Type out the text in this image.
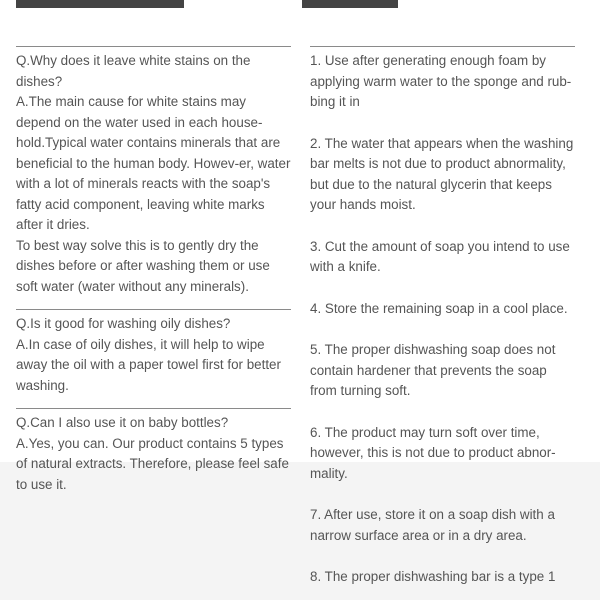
Q.Why does it leave white stains on the dishes?

A.The main cause for white stains may depend on the water used in each house-hold.Typical water contains minerals that are beneficial to the human body. Howev-er, water with a lot of minerals reacts with the soap's fatty acid component, leaving white marks after it dries.

To best way solve this is to gently dry the dishes before or after washing them or use soft water (water without any minerals).

Q.Is it good for washing oily dishes?

A.In case of oily dishes, it will help to wipe away the oil with a paper towel first for better washing.

Q.Can I also use it on baby bottles?

A.Yes, you can. Our product contains 5 types of natural extracts. Therefore, please feel safe to use it.

1. Use after generating enough foam by applying warm water to the sponge and rub-bing it in

2. The water that appears when the washing bar melts is not due to product abnormality, but due to the natural glycerin that keeps your hands moist.

3. Cut the amount of soap you intend to use with a knife.

4. Store the remaining soap in a cool place.

5. The proper dishwashing soap does not contain hardener that prevents the soap from turning soft.

6. The product may turn soft over time, however, this is not due to product abnor-mality.

7. After use, store it on a soap dish with a narrow surface area or in a dry area.

8. The proper dishwashing bar is a type 1
